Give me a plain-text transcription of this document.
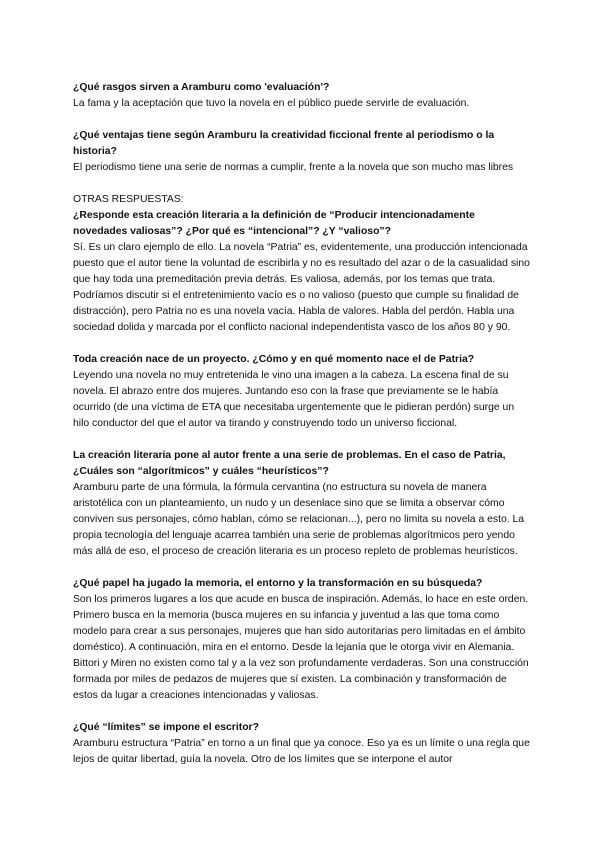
¿Qué rasgos sirven a Aramburu como 'evaluación'?

La fama y la aceptación que tuvo la novela en el público puede servirle de evaluación.

¿Qué ventajas tiene según Aramburu la creatividad ficcional frente al periodismo o la historia?

El periodismo tiene una serie de normas a cumplir, frente a la novela que son mucho mas libres

OTRAS RESPUESTAS:

¿Responde esta creación literaria a la definición de “Producir intencionadamente novedades valiosas”? ¿Por qué es “intencional”? ¿Y “valioso”?

Sí. Es un claro ejemplo de ello. La novela “Patria” es, evidentemente, una producción intencionada puesto que el autor tiene la voluntad de escribirla y no es resultado del azar o de la casualidad sino que hay toda una premeditación previa detrás. Es valiosa, además, por los temas que trata. Podríamos discutir si el entretenimiento vacío es o no valioso (puesto que cumple su finalidad de distracción), pero Patria no es una novela vacía. Habla de valores. Habla del perdón. Habla una sociedad dolida y marcada por el conflicto nacional independentista vasco de los años 80 y 90.

Toda creación nace de un proyecto. ¿Cómo y en qué momento nace el de Patria?

Leyendo una novela no muy entretenida le vino una imagen a la cabeza. La escena final de su novela. El abrazo entre dos mujeres. Juntando eso con la frase que previamente se le había ocurrido (de una víctima de ETA que necesitaba urgentemente que le pidieran perdón) surge un hilo conductor del que el autor va tirando y construyendo todo un universo ficcional.

La creación literaria pone al autor frente a una serie de problemas. En el caso de Patria, ¿Cuáles son “algorítmicos” y cuáles “heurísticos”?

Aramburu parte de una fórmula, la fórmula cervantina (no estructura su novela de manera aristotélica con un planteamiento, un nudo y un desenlace sino que se limita a observar cómo conviven sus personajes, cómo hablan, cómo se relacionan...), pero no limita su novela a esto. La propia tecnología del lenguaje acarrea también una serie de problemas algorítmicos pero yendo más allá de eso, el proceso de creación literaria es un proceso repleto de problemas heurísticos.

¿Qué papel ha jugado la memoria, el entorno y la transformación en su búsqueda?

Son los primeros lugares a los que acude en busca de inspiración. Además, lo hace en este orden. Primero busca en la memoria (busca mujeres en su infancia y juventud a las que toma como modelo para crear a sus personajes, mujeres que han sido autoritarias pero limitadas en el ámbito doméstico). A continuación, mira en el entorno. Desde la lejanía que le otorga vivir en Alemania. Bittori y Miren no existen como tal y a la vez son profundamente verdaderas. Son una construcción formada por miles de pedazos de mujeres que sí existen. La combinación y transformación de estos da lugar a creaciones intencionadas y valiosas.

¿Qué “límites” se impone el escritor?

Aramburu estructura “Patria” en torno a un final que ya conoce. Eso ya es un límite o una regla que lejos de quitar libertad, guía la novela. Otro de los límites que se interpone el autor
